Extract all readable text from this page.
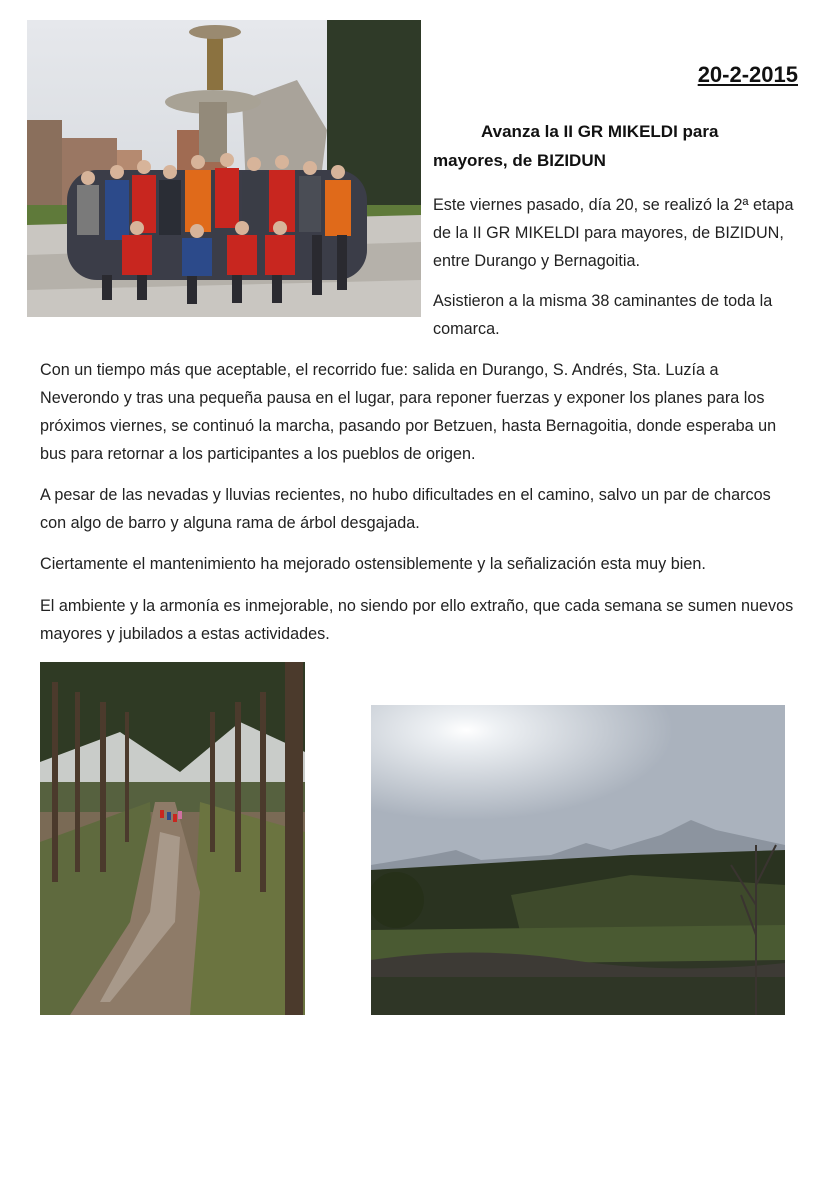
20-2-2015
Avanza la II GR MIKELDI para mayores, de BIZIDUN

Este viernes pasado, día 20, se realizó la 2ª etapa de la II GR MIKELDI para mayores, de BIZIDUN, entre Durango y Bernagoitia.

Asistieron a la misma 38 caminantes de toda la comarca.

Con un tiempo más que aceptable, el recorrido fue: salida en Durango, S. Andrés, Sta. Luzía a Neverondo y tras una pequeña pausa en el lugar, para reponer fuerzas y exponer los planes para los próximos viernes, se continuó la marcha, pasando por Betzuen, hasta Bernagoitia, donde esperaba un bus para retornar a los participantes a los pueblos de origen.

A pesar de las nevadas y lluvias recientes, no hubo dificultades en el camino, salvo un par de charcos con algo de barro y alguna rama de árbol desgajada.

Ciertamente el mantenimiento ha mejorado ostensiblemente y la señalización esta muy bien.

El ambiente y la armonía es inmejorable, no siendo por ello extraño, que cada semana se sumen nuevos mayores y jubilados a estas actividades.
